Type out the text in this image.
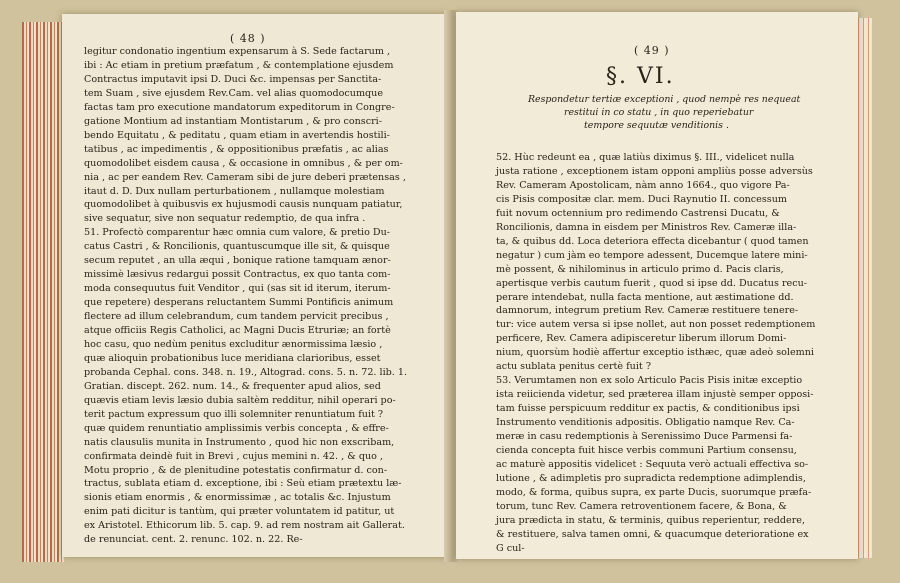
( 48 )
legitur condonatio ingentium expensarum à S. Sede factarum ,
ibi : Ac etiam in pretium præfatum , & contemplatione ejusdem
Contractus imputavit ipsi D. Duci &c. impensas per Sanctita-
tem Suam , sive ejusdem Rev.Cam. vel alias quomodocumque
factas tam pro executione mandatorum expeditorum in Congre-
gatione Montium ad instantiam Montistarum , & pro conscri-
bendo Equitatu , & peditatu , quam etiam in avertendis hostili-
tatibus , ac impedimentis , & oppositionibus præfatis , ac alias
quomodolibet eisdem causa , & occasione in omnibus , & per om-
nia , ac per eandem Rev. Cameram sibi de jure deberi prætensas ,
itaut d. D. Dux nullam perturbationem , nullamque molestiam
quomodolibet à quibusvis ex hujusmodi causis nunquam patiatur,
sive sequatur, sive non sequatur redemptio, de qua infra .
51. Profectò comparentur hæc omnia cum valore, & pretio Du-
catus Castri , & Roncilionis, quantuscumque ille sit, & quisque
secum reputet , an ulla æqui , bonique ratione tamquam ænor-
missimè læsivus redargui possit Contractus, ex quo tanta com-
moda consequutus fuit Venditor , qui (sas sit id iterum, iterum-
que repetere) desperans reluctantem Summi Pontificis animum
flectere ad illum celebrandum, cum tandem pervicit precibus ,
atque officiis Regis Catholici, ac Magni Ducis Etruriæ; an fortè
hoc casu, quo nedùm penitus excluditur ænormissima læsio ,
quæ alioquin probationibus luce meridiana clarioribus, esset
probanda Cephal. cons. 348. n. 19., Altograd. cons. 5. n. 72. lib. 1.
Gratian. discept. 262. num. 14., & frequenter apud alios, sed
quævis etiam levis læsio dubia saltèm redditur, nihil operari po-
terit pactum expressum quo illi solemniter renuntiatum fuit ?
quæ quidem renuntiatio amplissimis verbis concepta , & effre-
natis clausulis munita in Instrumento , quod hic non exscribam,
confirmata deindè fuit in Brevi , cujus memini n. 42. , & quo ,
Motu proprio , & de plenitudine potestatis confirmatur d. con-
tractus, sublata etiam d. exceptione, ibi : Seù etiam prætextu læ-
sionis etiam enormis , & enormissimæ , ac totalis &c. Injustum
enim pati dicitur is tantùm, qui præter voluntatem id patitur, ut
ex Aristotel. Ethicorum lib. 5. cap. 9. ad rem nostram ait Gallerat.
de renunciat. cent. 2. renunc. 102. n. 22. Re-
( 49 )
§. VI.
Respondetur tertiæ exceptioni , quod nempè res nequeat
restitui in co statu , in quo reperiebatur
tempore sequutæ venditionis .
52. Hùc redeunt ea , quæ latiùs diximus §. III., videlicet nulla
justa ratione , exceptionem istam opponi ampliùs posse adversùs
Rev. Cameram Apostolicam, nàm anno 1664., quo vigore Pa-
cis Pisis compositæ clar. mem. Duci Raynutio II. concessum
fuit novum octennium pro redimendo Castrensi Ducatu, &
Roncilionis, damna in eisdem per Ministros Rev. Cameræ illa-
ta, & quibus dd. Loca deteriora effecta dicebantur ( quod tamen
negatur ) cum jàm eo tempore adessent, Ducemque latere mini-
mè possent, & nihilominus in articulo primo d. Pacis claris,
apertisque verbis cautum fuerit , quod si ipse dd. Ducatus recu-
perare intendebat, nulla facta mentione, aut æstimatione dd.
damnorum, integrum pretium Rev. Cameræ restituere tenere-
tur: vice autem versa si ipse nollet, aut non posset redemptionem
perficere, Rev. Camera adipisceretur liberum illorum Domi-
nium, quorsùm hodiè affertur exceptio isthæc, quæ adeò solemni
actu sublata penitus certè fuit ?
53. Verumtamen non ex solo Articulo Pacis Pisis initæ exceptio
ista reiicienda videtur, sed præterea illam injustè semper opposi-
tam fuisse perspicuum redditur ex pactis, & conditionibus ipsi
Instrumento venditionis adpositis. Obligatio namque Rev. Ca-
meræ in casu redemptionis à Serenissimo Duce Parmensi fa-
cienda concepta fuit hisce verbis communi Partium consensu,
ac maturè appositis videlicet : Sequuta verò actuali effectiva so-
lutione , & adimpletis pro supradicta redemptione adimplendis,
modo, & forma, quibus supra, ex parte Ducis, suorumque præfa-
torum, tunc Rev. Camera retroventionem facere, & Bona, &
jura prædicta in statu, & terminis, quibus reperientur, reddere,
& restituere, salva tamen omni, & quacumque deterioratione ex
G cul-
